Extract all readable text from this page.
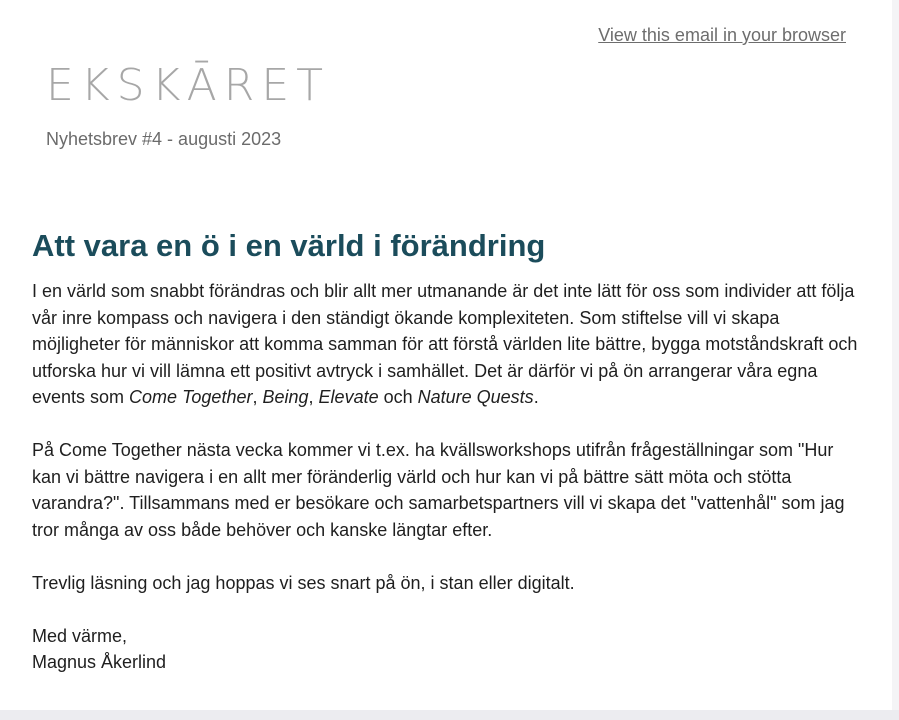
View this email in your browser
EKSKĀRET
Nyhetsbrev #4 - augusti 2023
Att vara en ö i en värld i förändring

I en värld som snabbt förändras och blir allt mer utmanande är det inte lätt för oss som individer att följa vår inre kompass och navigera i den ständigt ökande komplexiteten. Som stiftelse vill vi skapa möjligheter för människor att komma samman för att förstå världen lite bättre, bygga motståndskraft och utforska hur vi vill lämna ett positivt avtryck i samhället. Det är därför vi på ön arrangerar våra egna events som Come Together, Being, Elevate och Nature Quests.

På Come Together nästa vecka kommer vi t.ex. ha kvällsworkshops utifrån frågeställningar som "Hur kan vi bättre navigera i en allt mer föränderlig värld och hur kan vi på bättre sätt möta och stötta varandra?". Tillsammans med er besökare och samarbetspartners vill vi skapa det "vattenhål" som jag tror många av oss både behöver och kanske längtar efter.

Trevlig läsning och jag hoppas vi ses snart på ön, i stan eller digitalt.

Med värme,
Magnus Åkerlind
